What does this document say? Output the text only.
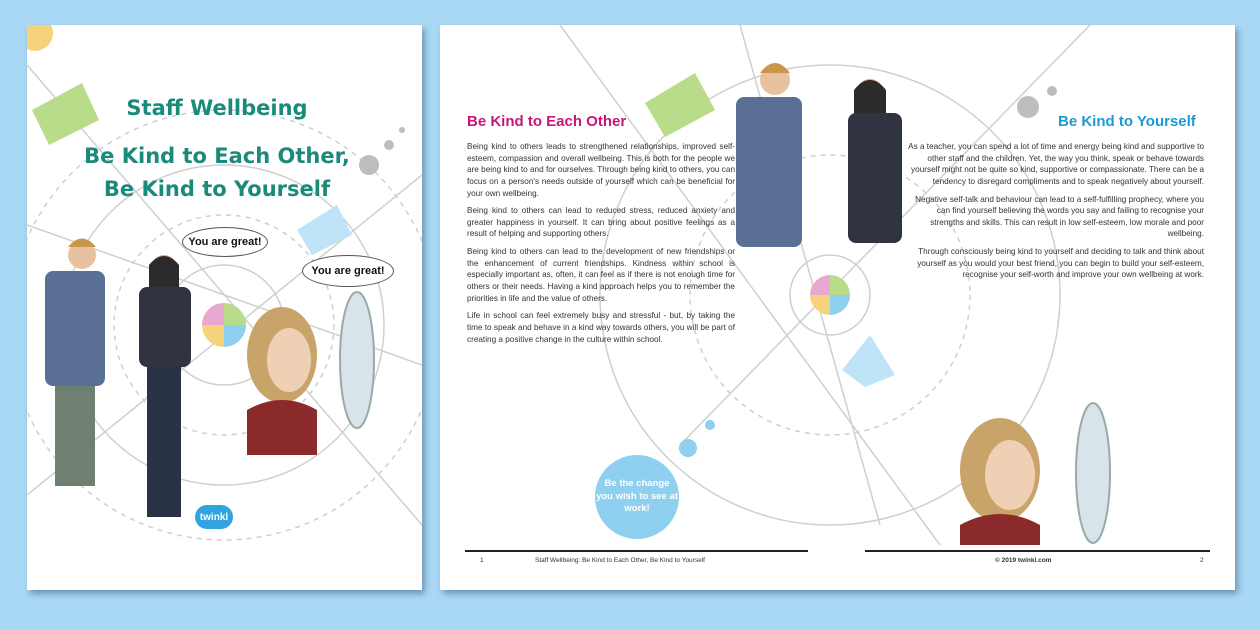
Staff Wellbeing
Be Kind to Each Other,
Be Kind to Yourself
You are great!
You are great!
twinkl
Be Kind to Each Other

Being kind to others leads to strengthened relationships, improved self-esteem, compassion and overall wellbeing. This is both for the people we are being kind to and for ourselves. Through being kind to others, you can focus on a person's needs outside of yourself which can be beneficial for your own wellbeing.

Being kind to others can lead to reduced stress, reduced anxiety and greater happiness in yourself. It can bring about positive feelings as a result of helping and supporting others.

Being kind to others can lead to the development of new friendships or the enhancement of current friendships. Kindness within school is especially important as, often, it can feel as if there is not enough time for others or their needs. Having a kind approach helps you to remember the priorities in life and the value of others.

Life in school can feel extremely busy and stressful - but, by taking the time to speak and behave in a kind way towards others, you will be part of creating a positive change in the culture within school.

Be the change you wish to see at work!
Be Kind to Yourself

As a teacher, you can spend a lot of time and energy being kind and supportive to other staff and the children. Yet, the way you think, speak or behave towards yourself might not be quite so kind, supportive or compassionate. There can be a tendency to disregard compliments and to speak negatively about yourself.

Negative self-talk and behaviour can lead to a self-fulfilling prophecy, where you can find yourself believing the words you say and failing to recognise your strengths and skills. This can result in low self-esteem, low morale and poor wellbeing.

Through consciously being kind to yourself and deciding to talk and think about yourself as you would your best friend, you can begin to build your self-esteem, recognise your self-worth and improve your own wellbeing at work.

1	Staff Wellbeing: Be Kind to Each Other, Be Kind to Yourself	© 2019 twinkl.com	2
